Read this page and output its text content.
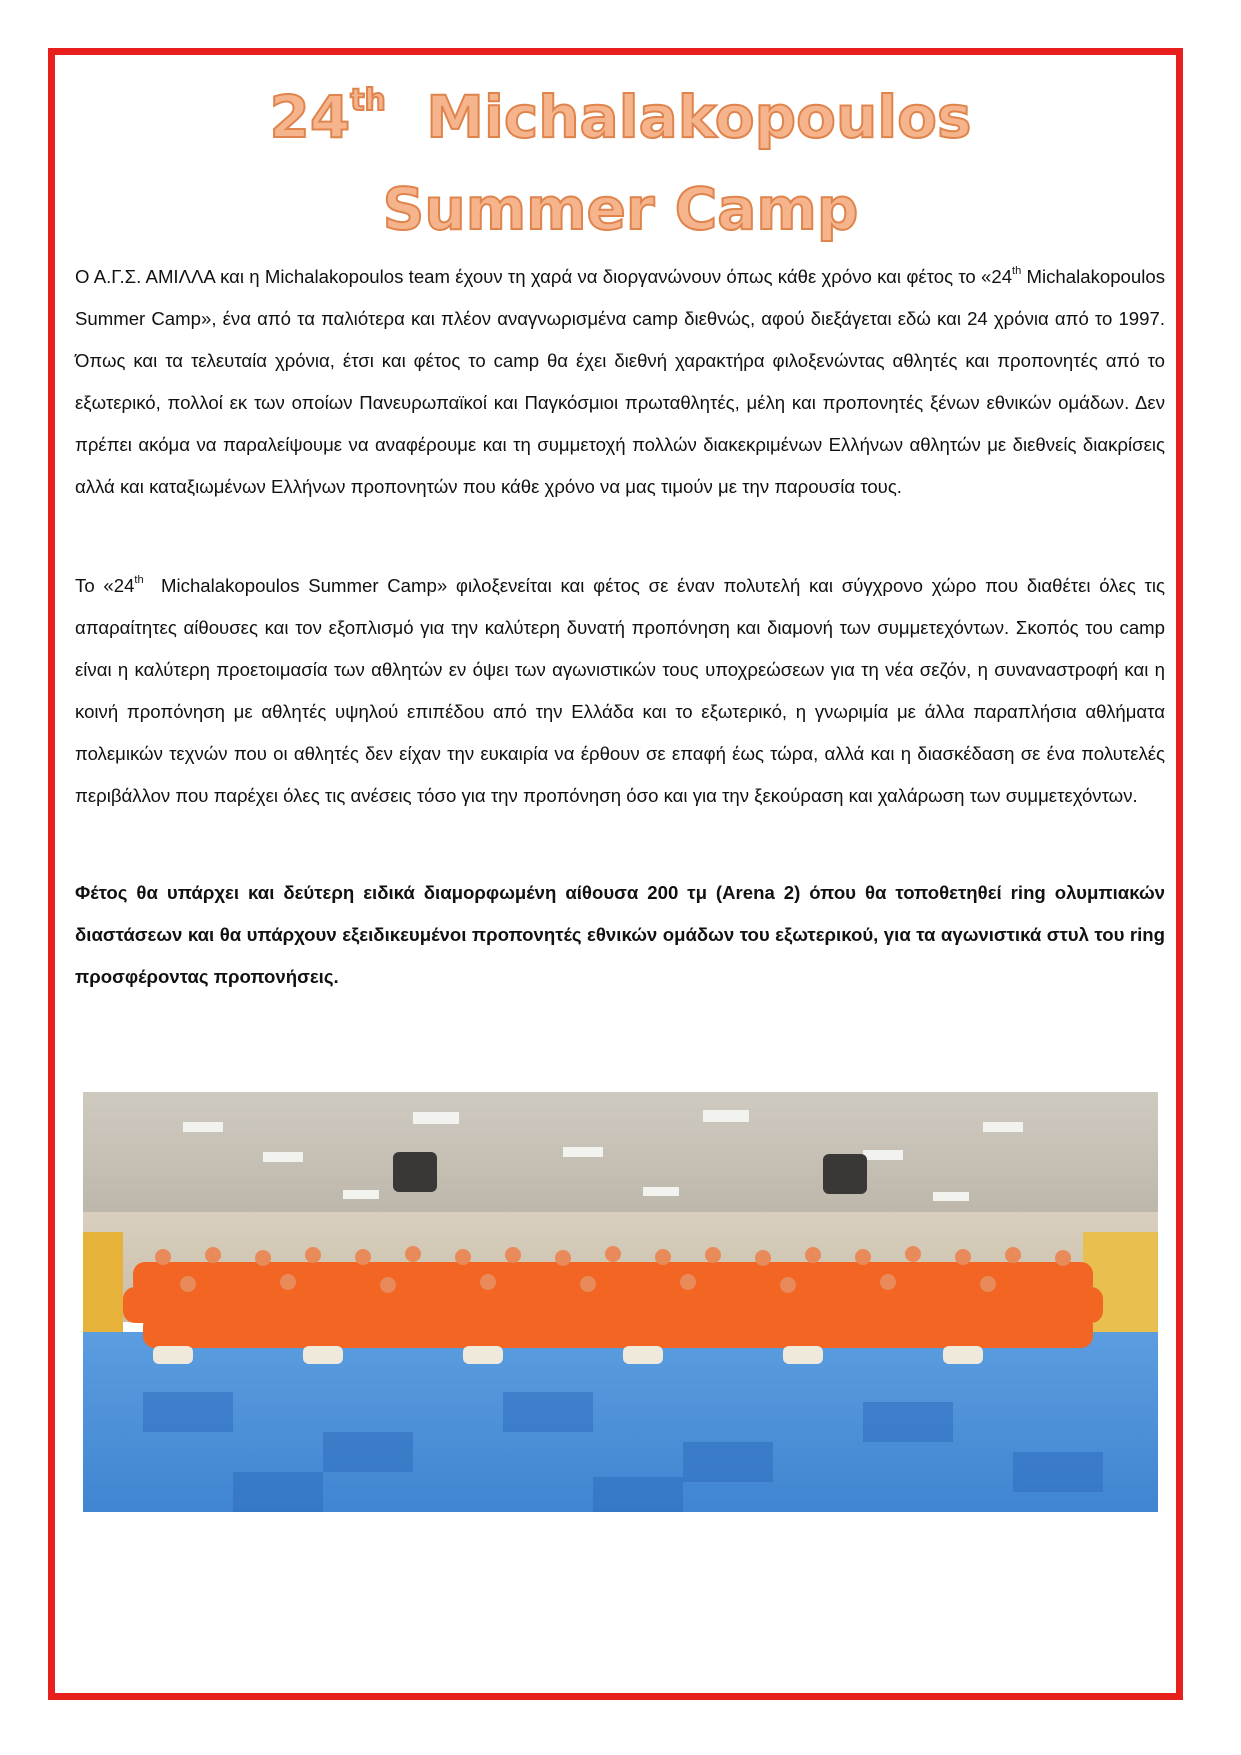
24th  Michalakopoulos
Summer Camp

Ο Α.Γ.Σ. ΑΜΙΛΛΑ και η Michalakopoulos team έχουν τη χαρά να διοργανώνουν όπως κάθε χρόνο και φέτος το «24th Michalakopoulos Summer Camp», ένα από τα παλιότερα και πλέον αναγνωρισμένα camp διεθνώς, αφού διεξάγεται εδώ και 24 χρόνια από το 1997. Όπως και τα τελευταία χρόνια, έτσι και φέτος το camp θα έχει διεθνή χαρακτήρα φιλοξενώντας αθλητές και προπονητές από το εξωτερικό, πολλοί εκ των οποίων Πανευρωπαϊκοί και Παγκόσμιοι πρωταθλητές, μέλη και προπονητές ξένων εθνικών ομάδων. Δεν πρέπει ακόμα να παραλείψουμε να αναφέρουμε και τη συμμετοχή πολλών διακεκριμένων Ελλήνων αθλητών με διεθνείς διακρίσεις αλλά και καταξιωμένων Ελλήνων προπονητών που κάθε χρόνο να μας τιμούν με την παρουσία τους.

Το «24th  Michalakopoulos Summer Camp» φιλοξενείται και φέτος σε έναν πολυτελή και σύγχρονο χώρο που διαθέτει όλες τις απαραίτητες αίθουσες και τον εξοπλισμό για την καλύτερη δυνατή προπόνηση και διαμονή των συμμετεχόντων. Σκοπός του camp είναι η καλύτερη προετοιμασία των αθλητών εν όψει των αγωνιστικών τους υποχρεώσεων για τη νέα σεζόν, η συναναστροφή και η κοινή προπόνηση με αθλητές υψηλού επιπέδου από την Ελλάδα και το εξωτερικό, η γνωριμία με άλλα παραπλήσια αθλήματα πολεμικών τεχνών που οι αθλητές δεν είχαν την ευκαιρία να έρθουν σε επαφή έως τώρα, αλλά και η διασκέδαση σε ένα πολυτελές περιβάλλον που παρέχει όλες τις ανέσεις τόσο για την προπόνηση όσο και για την ξεκούραση και χαλάρωση των συμμετεχόντων.

Φέτος θα υπάρχει και δεύτερη ειδικά διαμορφωμένη αίθουσα 200 τμ (Arena 2) όπου θα τοποθετηθεί ring ολυμπιακών διαστάσεων και θα υπάρχουν εξειδικευμένοι προπονητές εθνικών ομάδων του εξωτερικού, για τα αγωνιστικά στυλ του ring προσφέροντας προπονήσεις.
